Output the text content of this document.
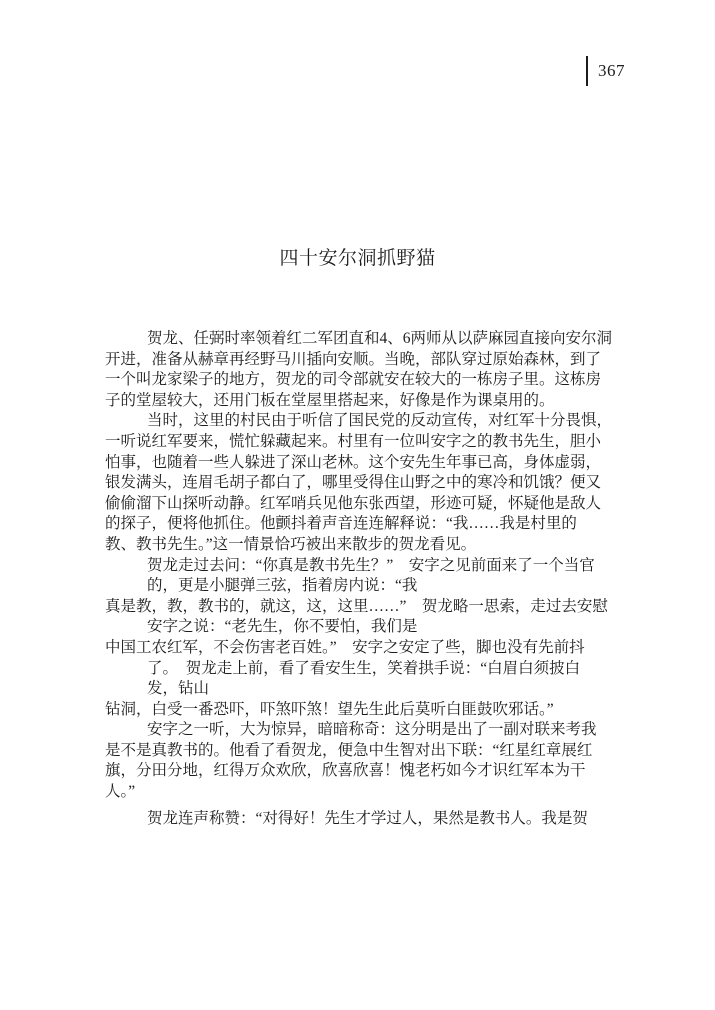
367
四十安尔洞抓野猫
贺龙、任弼时率领着红二军团直和4、6两师从以萨麻园直接向安尔洞
开进，准备从赫章再经野马川插向安顺。当晚，部队穿过原始森林，到了
一个叫龙家梁子的地方，贺龙的司令部就安在较大的一栋房子里。这栋房
子的堂屋较大，还用门板在堂屋里搭起来，好像是作为课桌用的。
当时，这里的村民由于听信了国民党的反动宣传，对红军十分畏惧，
一听说红军要来，慌忙躲藏起来。村里有一位叫安字之的教书先生，胆小
怕事，也随着一些人躲进了深山老林。这个安先生年事已高，身体虚弱，
银发满头，连眉毛胡子都白了，哪里受得住山野之中的寒冷和饥饿？便又
偷偷溜下山探听动静。红军哨兵见他东张西望，形迹可疑，怀疑他是敌人
的探子，便将他抓住。他颤抖着声音连连解释说：“我……我是村里的
教、教书先生。”这一情景恰巧被出来散步的贺龙看见。
贺龙走过去问：“你真是教书先生？”　安字之见前面来了一个当官
的，更是小腿弹三弦，指着房内说：“我
真是教，教，教书的，就这，这，这里……”　贺龙略一思索，走过去安慰
安字之说：“老先生，你不要怕，我们是
中国工农红军，不会伤害老百姓。”　安字之安定了些，脚也没有先前抖
了。　贺龙走上前，看了看安生生，笑着拱手说：“白眉白须披白
发，钻山
钻洞，白受一番恐吓，吓煞吓煞！望先生此后莫听白匪鼓吹邪话。”
安字之一听，大为惊异，暗暗称奇：这分明是出了一副对联来考我
是不是真教书的。他看了看贺龙，便急中生智对出下联：“红星红章展红
旗，分田分地，红得万众欢欣，欣喜欣喜！愧老朽如今才识红军本为干
人。”
贺龙连声称赞：“对得好！先生才学过人，果然是教书人。我是贺
